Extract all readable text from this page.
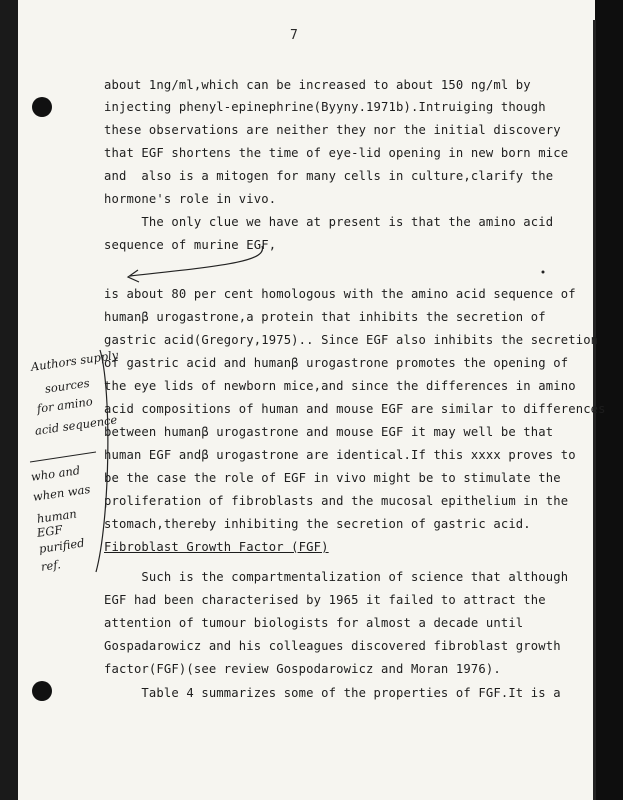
7
about 1ng/ml,which can be increased to about 150 ng/ml by
injecting phenyl-epinephrine(Byyny.1971b).Intruiging though
these observations are neither they nor the initial discovery
that EGF shortens the time of eye-lid opening in new born mice
and  also is a mitogen for many cells in culture,clarify the
hormone's role in vivo.
The only clue we have at present is that the amino acid
sequence of murine EGF,
is about 80 per cent homologous with the amino acid sequence of
humanβ urogastrone,a protein that inhibits the secretion of
gastric acid(Gregory,1975).. Since EGF also inhibits the secretion
of gastric acid and humanβ urogastrone promotes the opening of
the eye lids of newborn mice,and since the differences in amino
acid compositions of human and mouse EGF are similar to differences
between humanβ urogastrone and mouse EGF it may well be that
human EGF andβ urogastrone are identical.If this xxxx proves to
be the case the role of EGF in vivo might be to stimulate the
proliferation of fibroblasts and the mucosal epithelium in the
stomach,thereby inhibiting the secretion of gastric acid.
Fibroblast Growth Factor (FGF)
Such is the compartmentalization of science that although
EGF had been characterised by 1965 it failed to attract the
attention of tumour biologists for almost a decade until
Gospadarowicz and his colleagues discovered fibroblast growth
factor(FGF)(see review Gospodarowicz and Moran 1976).
Table 4 summarizes some of the properties of FGF.It is a
Authors supply
sources
for amino
acid sequence
who and
when was
human
EGF
purified
ref.
